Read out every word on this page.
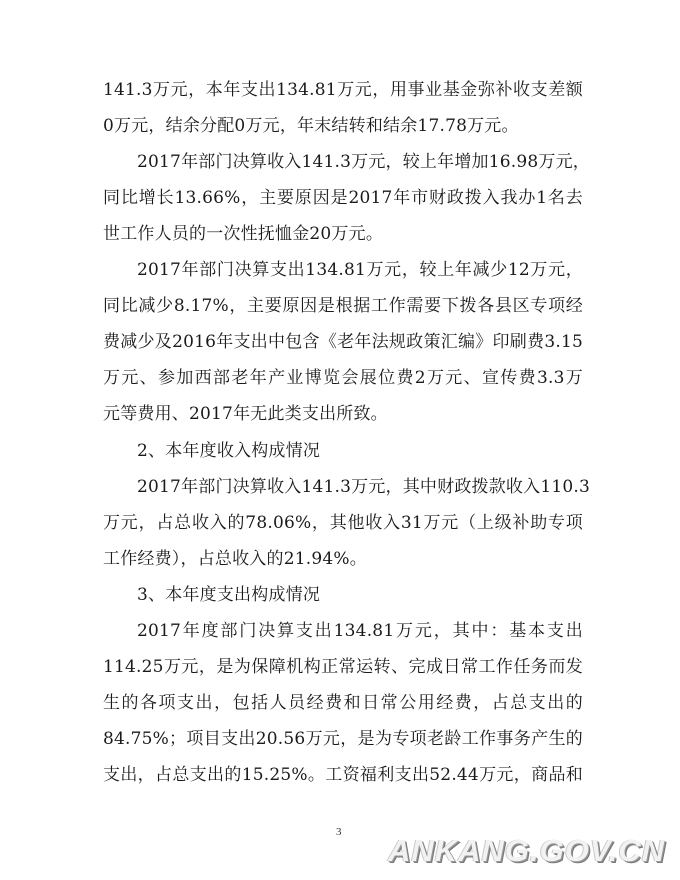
141.3万元，本年支出134.81万元，用事业基金弥补收支差额
0万元，结余分配0万元，年末结转和结余17.78万元。
2017年部门决算收入141.3万元，较上年增加16.98万元，
同比增长13.66%，主要原因是2017年市财政拨入我办1名去
世工作人员的一次性抚恤金20万元。
2017年部门决算支出134.81万元，较上年减少12万元，
同比减少8.17%，主要原因是根据工作需要下拨各县区专项经
费减少及2016年支出中包含《老年法规政策汇编》印刷费3.15
万元、参加西部老年产业博览会展位费2万元、宣传费3.3万
元等费用、2017年无此类支出所致。
2、本年度收入构成情况
2017年部门决算收入141.3万元，其中财政拨款收入110.3
万元，占总收入的78.06%，其他收入31万元（上级补助专项
工作经费），占总收入的21.94%。
3、本年度支出构成情况
2017年度部门决算支出134.81万元，其中：基本支出
114.25万元，是为保障机构正常运转、完成日常工作任务而发
生的各项支出，包括人员经费和日常公用经费，占总支出的
84.75%；项目支出20.56万元，是为专项老龄工作事务产生的
支出，占总支出的15.25%。工资福利支出52.44万元，商品和
3
ANKANG.GOV.CN
